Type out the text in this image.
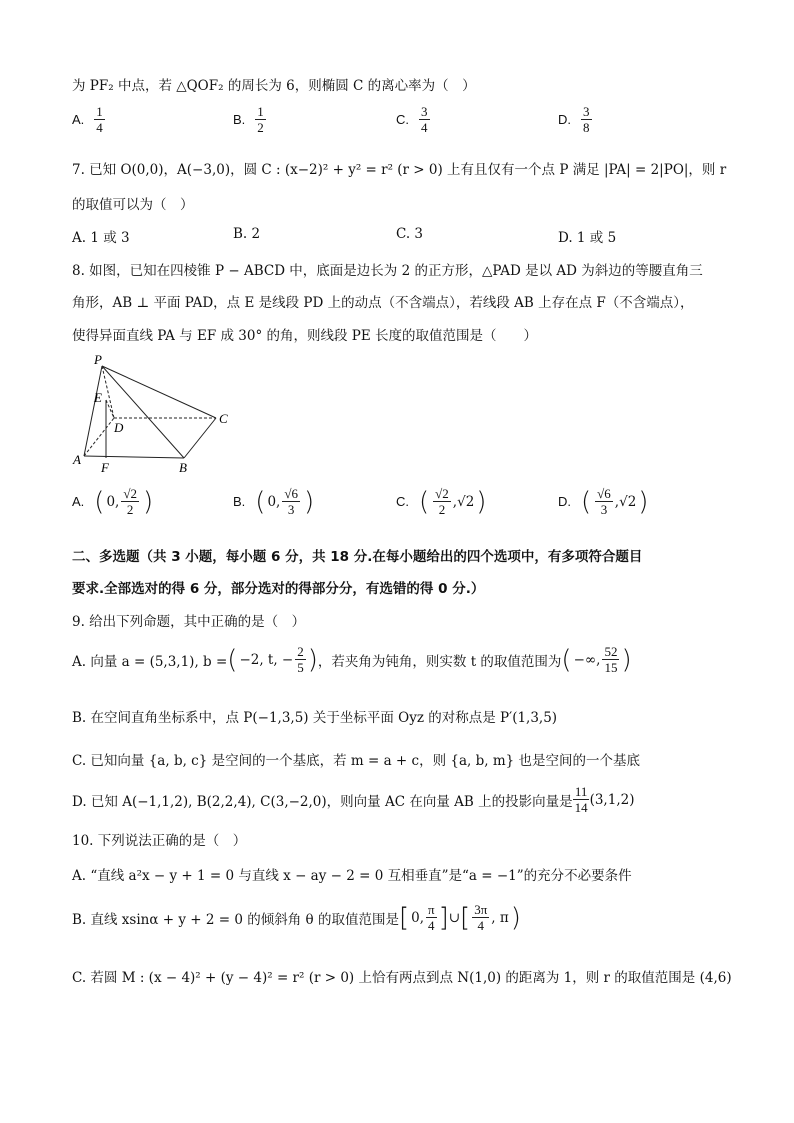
为 PF₂ 中点，若 △QOF₂ 的周长为 6，则椭圆 C 的离心率为（　）
A. $\frac{1}{4}$	B. $\frac{1}{2}$	C. $\frac{3}{4}$	D. $\frac{3}{8}$
7. 已知 O(0,0)，A(−3,0)，圆 C : (x−2)² + y² = r² (r > 0) 上有且仅有一个点 P 满足 |PA| = 2|PO|，则 r
的取值可以为（　）
A. 1 或 3	B. 2	C. 3	D. 1 或 5
8. 如图，已知在四棱锥 P − ABCD 中，底面是边长为 2 的正方形，△PAD 是以 AD 为斜边的等腰直角三
角形，AB ⊥ 平面 PAD，点 E 是线段 PD 上的动点（不含端点），若线段 AB 上存在点 F（不含端点），
使得异面直线 PA 与 EF 成 30° 的角，则线段 PE 长度的取值范围是（　　）
P
E
D
C
A
F	B
A. ( 0, $\frac{√2}{2}$ )	B. ( 0, $\frac{√6}{3}$ )	C. ( $\frac{√2}{2} ,√2$ )	D. ( $\frac{√6}{3} ,√2$ )
二、多选题（共 3 小题，每小题 6 分，共 18 分.在每小题给出的四个选项中，有多项符合题目
要求.全部选对的得 6 分，部分选对的得部分分，有选错的得 0 分.）
9. 给出下列命题，其中正确的是（　）
A. 向量 a = (5,3,1), b = ( −2, t, − $\frac{2}{5}$ ) ，若夹角为钝角，则实数 t 的取值范围为 ( −∞, $\frac{52}{15}$ )
B. 在空间直角坐标系中，点 P(−1,3,5) 关于坐标平面 Oyz 的对称点是 P′(1,3,5)
C. 已知向量 {a, b, c} 是空间的一个基底，若 m = a + c，则 {a, b, m} 也是空间的一个基底
D. 已知 A(−1,1,2), B(2,2,4), C(3,−2,0)，则向量 AC 在向量 AB 上的投影向量是 $\frac{11}{14} (3,1,2)$
10. 下列说法正确的是（　）
A. “直线 a²x − y + 1 = 0 与直线 x − ay − 2 = 0 互相垂直”是“a = −1”的充分不必要条件
B. 直线 xsinα + y + 2 = 0 的倾斜角 θ 的取值范围是 [ 0, $\frac{\pi}{4}$ ] ∪ [ $\frac{3\pi}{4}$ , π )
C. 若圆 M : (x − 4)² + (y − 4)² = r² (r > 0) 上恰有两点到点 N(1,0) 的距离为 1，则 r 的取值范围是 (4,6)
